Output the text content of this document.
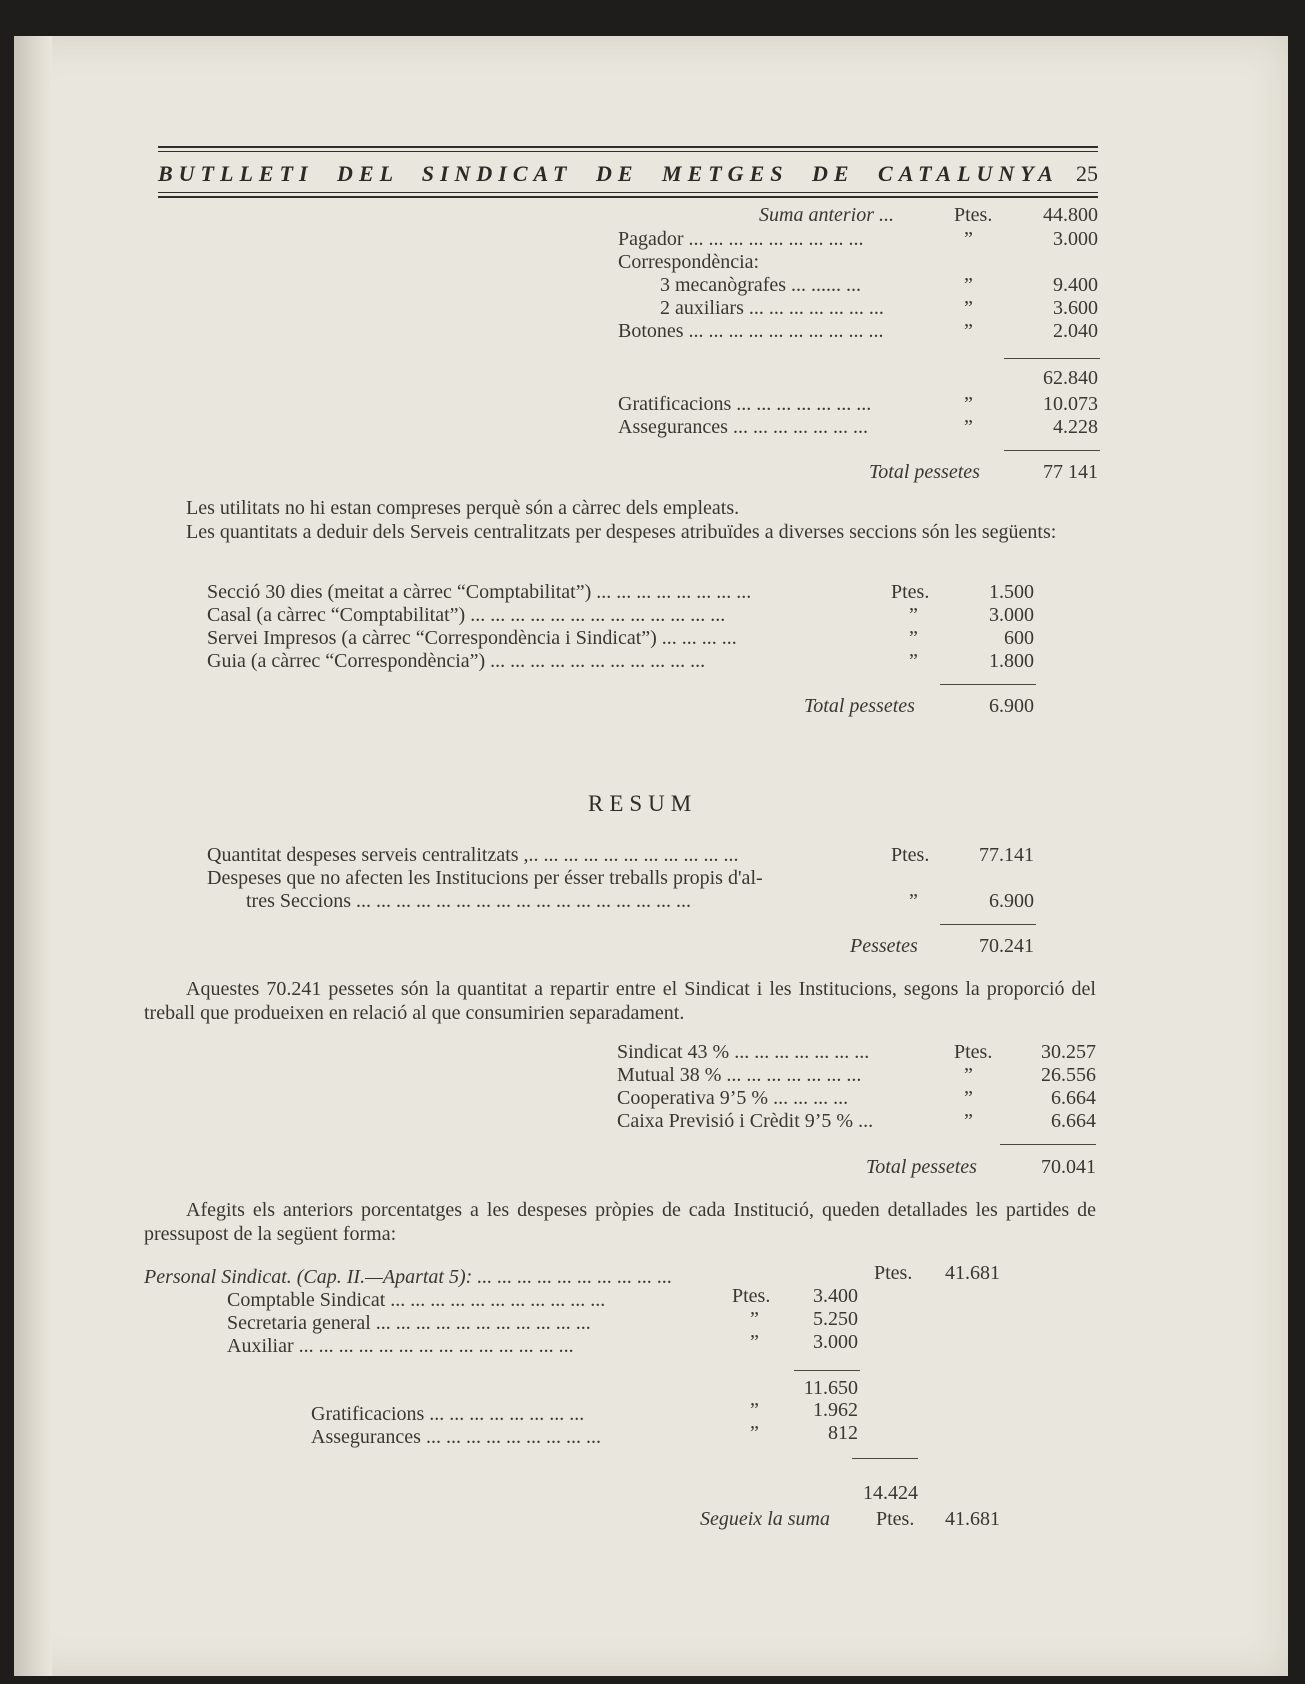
BUTLLETI DEL SINDICAT DE METGES DE CATALUNYA 25
Suma anterior ...	Ptes.	44.800
Pagador ... ... ... ... ... ... ... ... ...	”	3.000
Correspondència:
3 mecanògrafes ... ...... ...	”	9.400
2 auxiliars ... ... ... ... ... ... ...	”	3.600
Botones ... ... ... ... ... ... ... ... ... ...	”	2.040
62.840
Gratificacions ... ... ... ... ... ... ...	”	10.073
Assegurances ... ... ... ... ... ... ...	”	4.228
Total pessetes	77 141
Les utilitats no hi estan compreses perquè són a càrrec dels empleats.
Les quantitats a deduir dels Serveis centralitzats per despeses atribuïdes a diverses seccions són les següents:
Secció 30 dies (meitat a càrrec “Comptabilitat”) ... ... ... ... ... ... ... ...	Ptes.	1.500
Casal (a càrrec “Comptabilitat”) ... ... ... ... ... ... ... ... ... ... ... ... ...	”	3.000
Servei Impresos (a càrrec “Correspondència i Sindicat”) ... ... ... ...	”	600
Guia (a càrrec “Correspondència”) ... ... ... ... ... ... ... ... ... ... ...	”	1.800
Total pessetes	6.900
RESUM
Quantitat despeses serveis centralitzats ,.. ... ... ... ... ... ... ... ... ... ...	Ptes.	77.141
Despeses que no afecten les Institucions per ésser treballs propis d'al-
tres Seccions ... ... ... ... ... ... ... ... ... ... ... ... ... ... ... ... ...	”	6.900
Pessetes	70.241
Aquestes 70.241 pessetes són la quantitat a repartir entre el Sindicat i les Institucions, segons la proporció del treball que produeixen en relació al que consumirien separadament.
Sindicat 43 % ... ... ... ... ... ... ...	Ptes.	30.257
Mutual 38 % ... ... ... ... ... ... ...	”	26.556
Cooperativa 9’5 % ... ... ... ...	”	6.664
Caixa Previsió i Crèdit 9’5 % ...	”	6.664
Total pessetes	70.041
Afegits els anteriors porcentatges a les despeses pròpies de cada Institució, queden detallades les partides de pressupost de la següent forma:
Personal Sindicat. (Cap. II.—Apartat 5): ... ... ... ... ... ... ... ... ... ...	Ptes.	41.681
Comptable Sindicat ... ... ... ... ... ... ... ... ... ... ...	Ptes.	3.400
Secretaria general ... ... ... ... ... ... ... ... ... ... ...	”	5.250
Auxiliar ... ... ... ... ... ... ... ... ... ... ... ... ... ...	”	3.000
11.650
Gratificacions ... ... ... ... ... ... ... ...	”	1.962
Assegurances ... ... ... ... ... ... ... ... ...	”	812
14.424
Segueix la suma Ptes.	41.681
